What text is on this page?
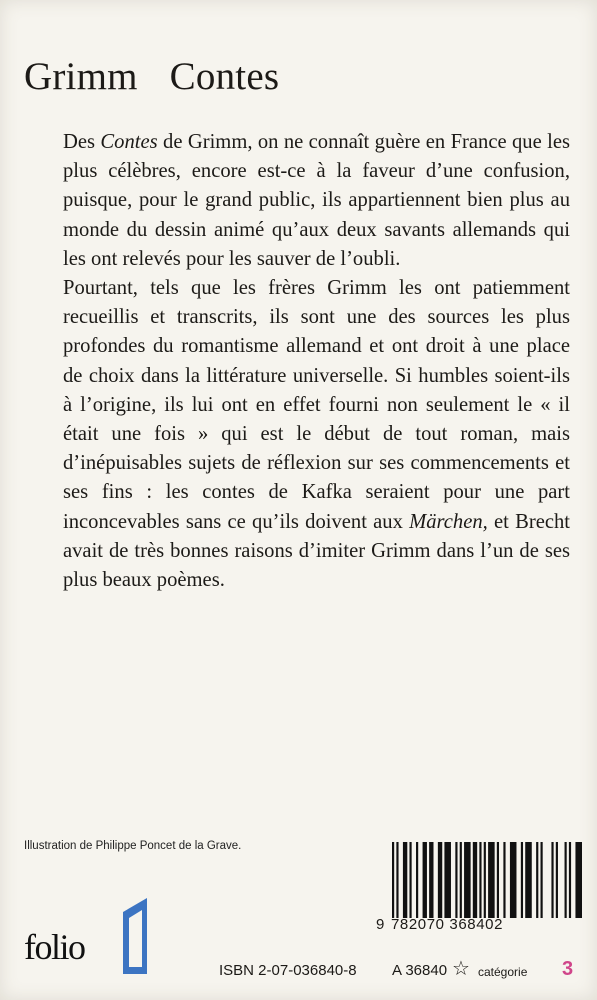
Grimm Contes

Des Contes de Grimm, on ne connaît guère en France que les plus célèbres, encore est-ce à la faveur d’une confusion, puisque, pour le grand public, ils appartiennent bien plus au monde du dessin animé qu’aux deux savants allemands qui les ont relevés pour les sauver de l’oubli.

Pourtant, tels que les frères Grimm les ont patiemment recueillis et transcrits, ils sont une des sources les plus profondes du romantisme allemand et ont droit à une place de choix dans la littérature universelle. Si humbles soient-ils à l’origine, ils lui ont en effet fourni non seulement le « il était une fois » qui est le début de tout roman, mais d’inépuisables sujets de réflexion sur ses commencements et ses fins : les contes de Kafka seraient pour une part inconcevables sans ce qu’ils doivent aux Märchen, et Brecht avait de très bonnes raisons d’imiter Grimm dans l’un de ses plus beaux poèmes.

Illustration de Philippe Poncet de la Grave.
folio
9 782070 368402
ISBN 2-07-036840-8 A 36840 ☆ catégorie 3
